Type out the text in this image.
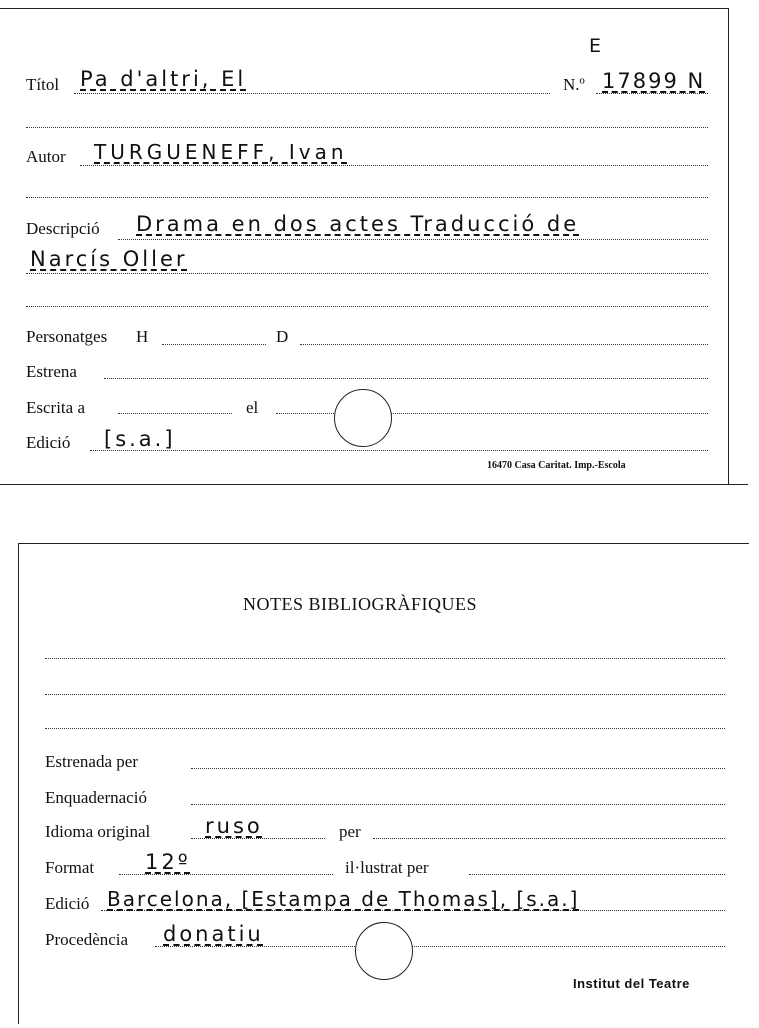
E
Títol Pa d'altri, El	N.º 17899 N
Autor TURGUENEFF, Ivan
Descripció Drama en dos actes Traducció de
Narcís Oller
Personatges H	D
Estrena
Escrita a	el
Edició [s.a.]
16470 Casa Caritat. Imp.-Escola
NOTES BIBLIOGRÀFIQUES
Estrenada per
Enquadernació
Idioma original	ruso	per
Format 12º	il·lustrat per
Edició Barcelona, [Estampa de Thomas], [s.a.]
Procedència donatiu
Institut del Teatre
